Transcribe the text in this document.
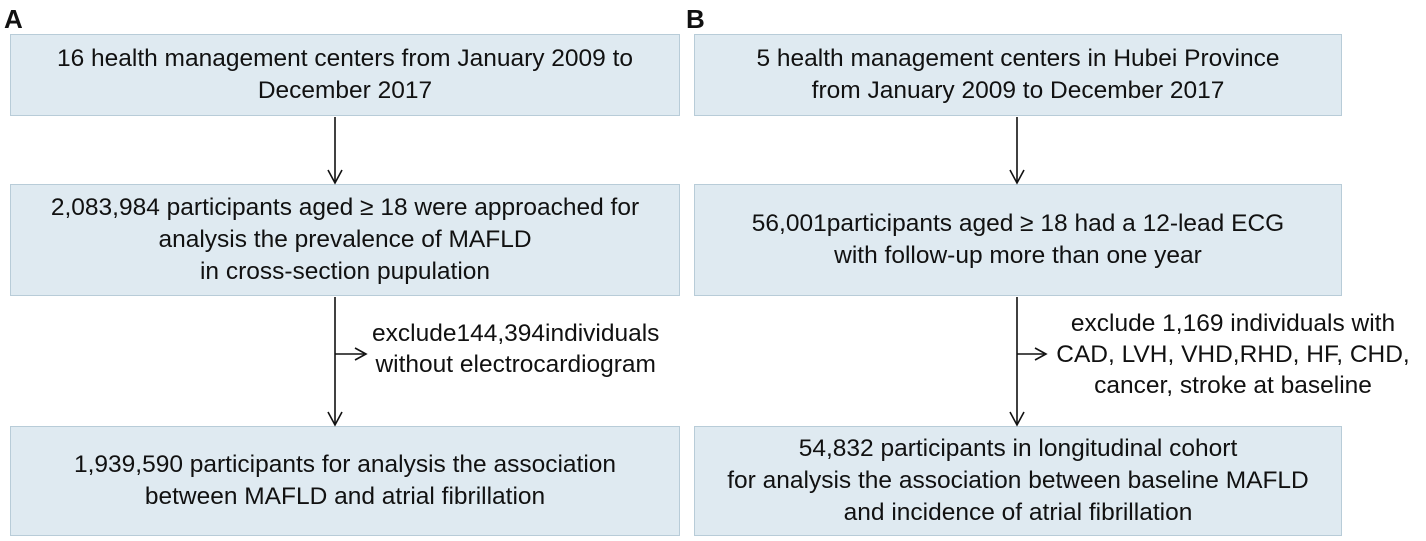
A
16 health management centers from January 2009 to
December 2017
2,083,984 participants aged ≥ 18 were approached for
analysis the prevalence of MAFLD
in cross-section pupulation
exclude144,394individuals
without electrocardiogram
1,939,590 participants for analysis the association
between MAFLD and atrial fibrillation
B
5 health management centers in Hubei Province
from January 2009 to December 2017
56,001participants aged ≥ 18 had a 12-lead ECG
with follow-up more than one year
exclude 1,169 individuals with
CAD, LVH, VHD,RHD, HF, CHD,
cancer, stroke at baseline
54,832 participants in longitudinal cohort
for analysis the association between baseline MAFLD
and incidence of atrial fibrillation
